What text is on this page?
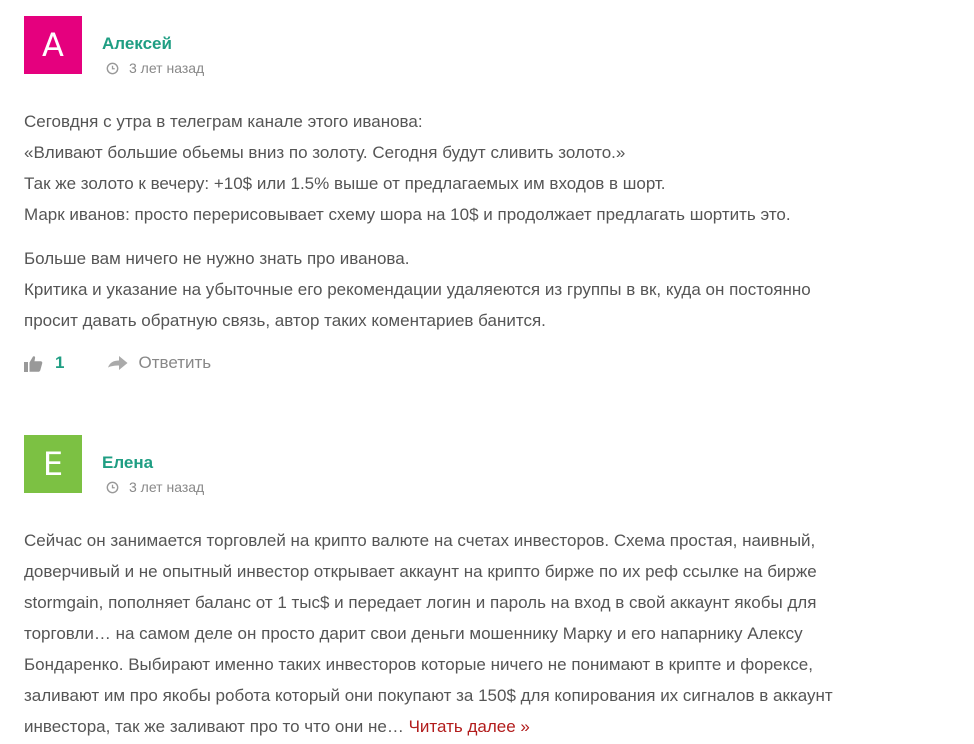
А	Алексей
3 лет назад

Сеговдня с утра в телеграм канале этого иванова:
«Вливают большие обьемы вниз по золоту. Сегодня будут сливить золото.»
Так же золото к вечеру: +10$ или 1.5% выше от предлагаемых им входов в шорт.
Марк иванов: просто перерисовывает схему шора на 10$ и продолжает предлагать шортить это.

Больше вам ничего не нужно знать про иванова.
Критика и указание на убыточные его рекомендации удаляеются из группы в вк, куда он постоянно
просит давать обратную связь, автор таких коментариев банится.

1	Ответить
Е	Елена
3 лет назад

Сейчас он занимается торговлей на крипто валюте на счетах инвесторов. Схема простая, наивный,
доверчивый и не опытный инвестор открывает аккаунт на крипто бирже по их реф ссылке на бирже
stormgain, пополняет баланс от 1 тыс$ и передает логин и пароль на вход в свой аккаунт якобы для
торговли… на самом деле он просто дарит свои деньги мошеннику Марку и его напарнику Алексу
Бондаренко. Выбирают именно таких инвесторов которые ничего не понимают в крипте и форексе,
заливают им про якобы робота который они покупают за 150$ для копирования их сигналов в аккаунт
инвестора, так же заливают про то что они не… Читать далее »
